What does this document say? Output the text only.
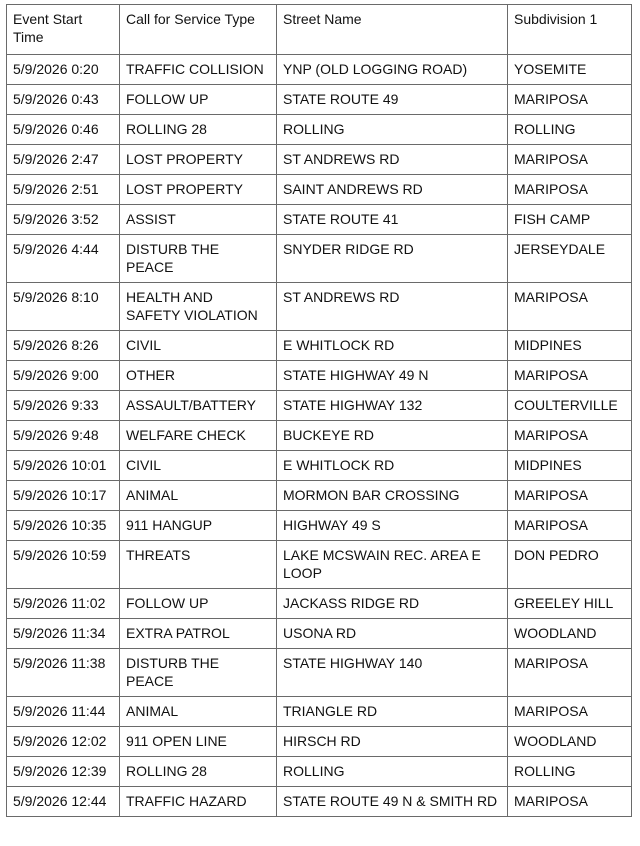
Event Start Time	Call for Service Type	Street Name	Subdivision 1
5/9/2026 0:20	TRAFFIC COLLISION	YNP (OLD LOGGING ROAD)	YOSEMITE
5/9/2026 0:43	FOLLOW UP	STATE ROUTE 49	MARIPOSA
5/9/2026 0:46	ROLLING 28	ROLLING	ROLLING
5/9/2026 2:47	LOST PROPERTY	ST ANDREWS RD	MARIPOSA
5/9/2026 2:51	LOST PROPERTY	SAINT ANDREWS RD	MARIPOSA
5/9/2026 3:52	ASSIST	STATE ROUTE 41	FISH CAMP
5/9/2026 4:44	DISTURB THE PEACE	SNYDER RIDGE RD	JERSEYDALE
5/9/2026 8:10	HEALTH AND SAFETY VIOLATION	ST ANDREWS RD	MARIPOSA
5/9/2026 8:26	CIVIL	E WHITLOCK RD	MIDPINES
5/9/2026 9:00	OTHER	STATE HIGHWAY 49 N	MARIPOSA
5/9/2026 9:33	ASSAULT/BATTERY	STATE HIGHWAY 132	COULTERVILLE
5/9/2026 9:48	WELFARE CHECK	BUCKEYE RD	MARIPOSA
5/9/2026 10:01	CIVIL	E WHITLOCK RD	MIDPINES
5/9/2026 10:17	ANIMAL	MORMON BAR CROSSING	MARIPOSA
5/9/2026 10:35	911 HANGUP	HIGHWAY 49 S	MARIPOSA
5/9/2026 10:59	THREATS	LAKE MCSWAIN REC. AREA E LOOP	DON PEDRO
5/9/2026 11:02	FOLLOW UP	JACKASS RIDGE RD	GREELEY HILL
5/9/2026 11:34	EXTRA PATROL	USONA RD	WOODLAND
5/9/2026 11:38	DISTURB THE PEACE	STATE HIGHWAY 140	MARIPOSA
5/9/2026 11:44	ANIMAL	TRIANGLE RD	MARIPOSA
5/9/2026 12:02	911 OPEN LINE	HIRSCH RD	WOODLAND
5/9/2026 12:39	ROLLING 28	ROLLING	ROLLING
5/9/2026 12:44	TRAFFIC HAZARD	STATE ROUTE 49 N & SMITH RD	MARIPOSA
